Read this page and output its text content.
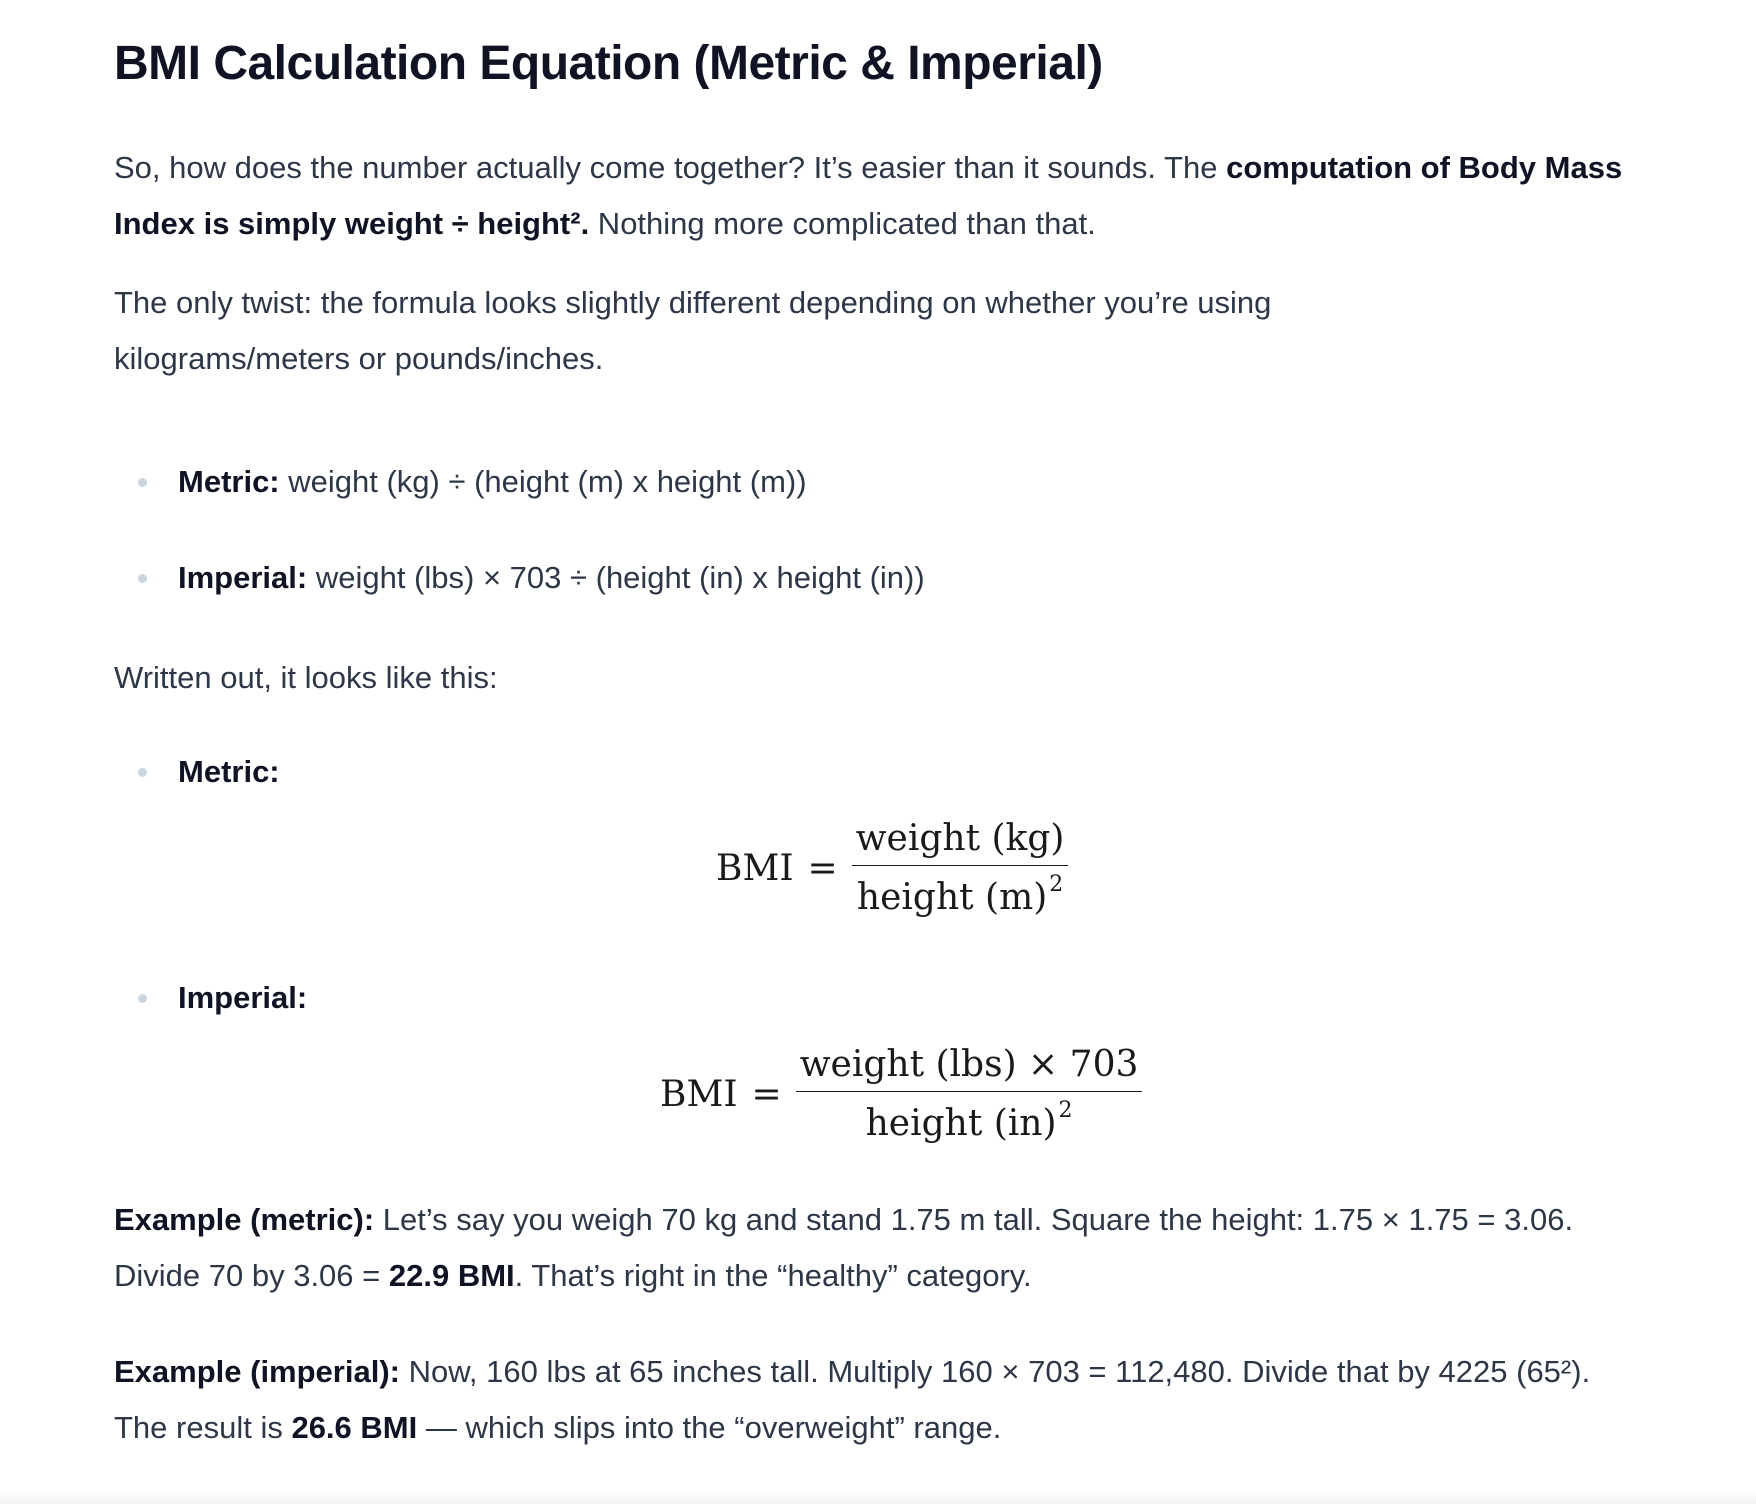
BMI Calculation Equation (Metric & Imperial)

So, how does the number actually come together? It’s easier than it sounds. The computation of Body Mass Index is simply weight ÷ height². Nothing more complicated than that.

The only twist: the formula looks slightly different depending on whether you’re using kilograms/meters or pounds/inches.

Metric: weight (kg) ÷ (height (m) x height (m))
Imperial: weight (lbs) × 703 ÷ (height (in) x height (in))

Written out, it looks like this:

Metric:
BMI = $\frac{\text{weight (kg)}}{height (m)^2}$
Imperial:
BMI = $\frac{\text{weight (lbs) × 703}}{height (in)^2}$

Example (metric): Let’s say you weigh 70 kg and stand 1.75 m tall. Square the height: 1.75 × 1.75 = 3.06. Divide 70 by 3.06 = 22.9 BMI. That’s right in the “healthy” category.

Example (imperial): Now, 160 lbs at 65 inches tall. Multiply 160 × 703 = 112,480. Divide that by 4225 (65²). The result is 26.6 BMI — which slips into the “overweight” range.
